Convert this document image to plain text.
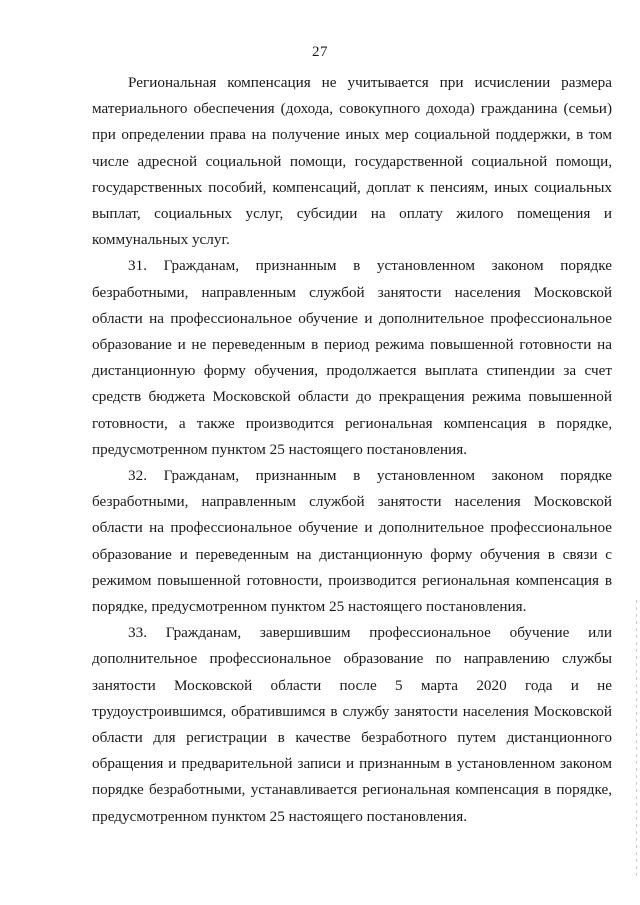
27

Региональная компенсация не учитывается при исчислении размера материального обеспечения (дохода, совокупного дохода) гражданина (семьи) при определении права на получение иных мер социальной поддержки, в том числе адресной социальной помощи, государственной социальной помощи, государственных пособий, компенсаций, доплат к пенсиям, иных социальных выплат, социальных услуг, субсидии на оплату жилого помещения и коммунальных услуг.

31. Гражданам, признанным в установленном законом порядке безработными, направленным службой занятости населения Московской области на профессиональное обучение и дополнительное профессиональное образование и не переведенным в период режима повышенной готовности на дистанционную форму обучения, продолжается выплата стипендии за счет средств бюджета Московской области до прекращения режима повышенной готовности, а также производится региональная компенсация в порядке, предусмотренном пунктом 25 настоящего постановления.

32. Гражданам, признанным в установленном законом порядке безработными, направленным службой занятости населения Московской области на профессиональное обучение и дополнительное профессиональное образование и переведенным на дистанционную форму обучения в связи с режимом повышенной готовности, производится региональная компенсация в порядке, предусмотренном пунктом 25 настоящего постановления.

33. Гражданам, завершившим профессиональное обучение или дополнительное профессиональное образование по направлению службы занятости Московской области после 5 марта 2020 года и не трудоустроившимся, обратившимся в службу занятости населения Московской области для регистрации в качестве безработного путем дистанционного обращения и предварительной записи и признанным в установленном законом порядке безработными, устанавливается региональная компенсация в порядке, предусмотренном пунктом 25 настоящего постановления.
